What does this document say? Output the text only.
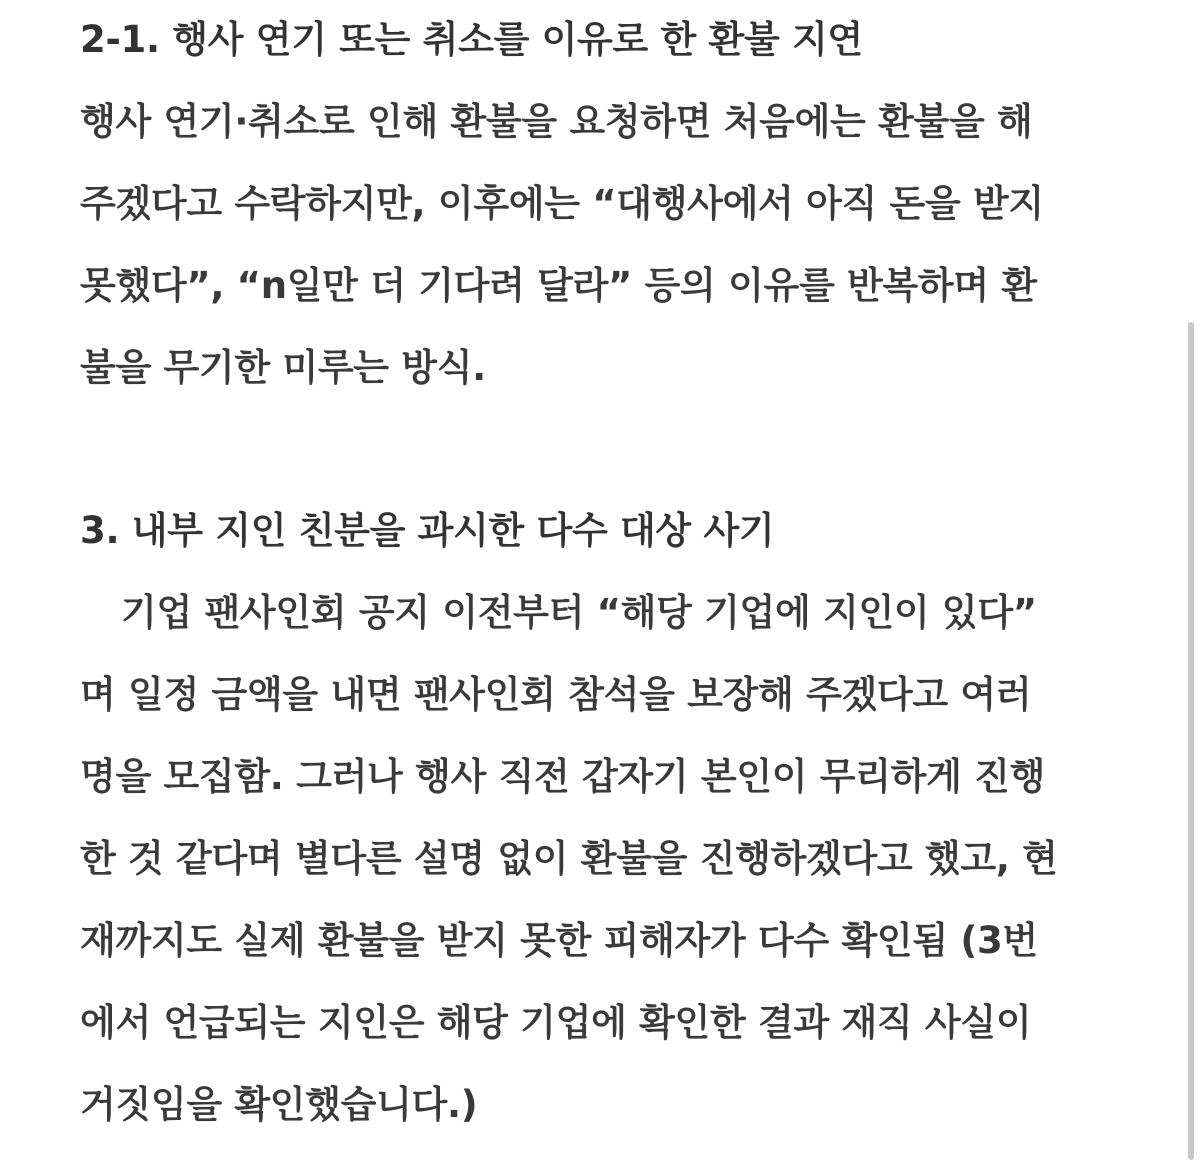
2-1. 행사 연기 또는 취소를 이유로 한 환불 지연
행사 연기·취소로 인해 환불을 요청하면 처음에는 환불을 해
주겠다고 수락하지만, 이후에는 “대행사에서 아직 돈을 받지
못했다”, “n일만 더 기다려 달라” 등의 이유를 반복하며 환
불을 무기한 미루는 방식.
3. 내부 지인 친분을 과시한 다수 대상 사기
기업 팬사인회 공지 이전부터 “해당 기업에 지인이 있다”
며 일정 금액을 내면 팬사인회 참석을 보장해 주겠다고 여러
명을 모집함. 그러나 행사 직전 갑자기 본인이 무리하게 진행
한 것 같다며 별다른 설명 없이 환불을 진행하겠다고 했고, 현
재까지도 실제 환불을 받지 못한 피해자가 다수 확인됨 (3번
에서 언급되는 지인은 해당 기업에 확인한 결과 재직 사실이
거짓임을 확인했습니다.)
